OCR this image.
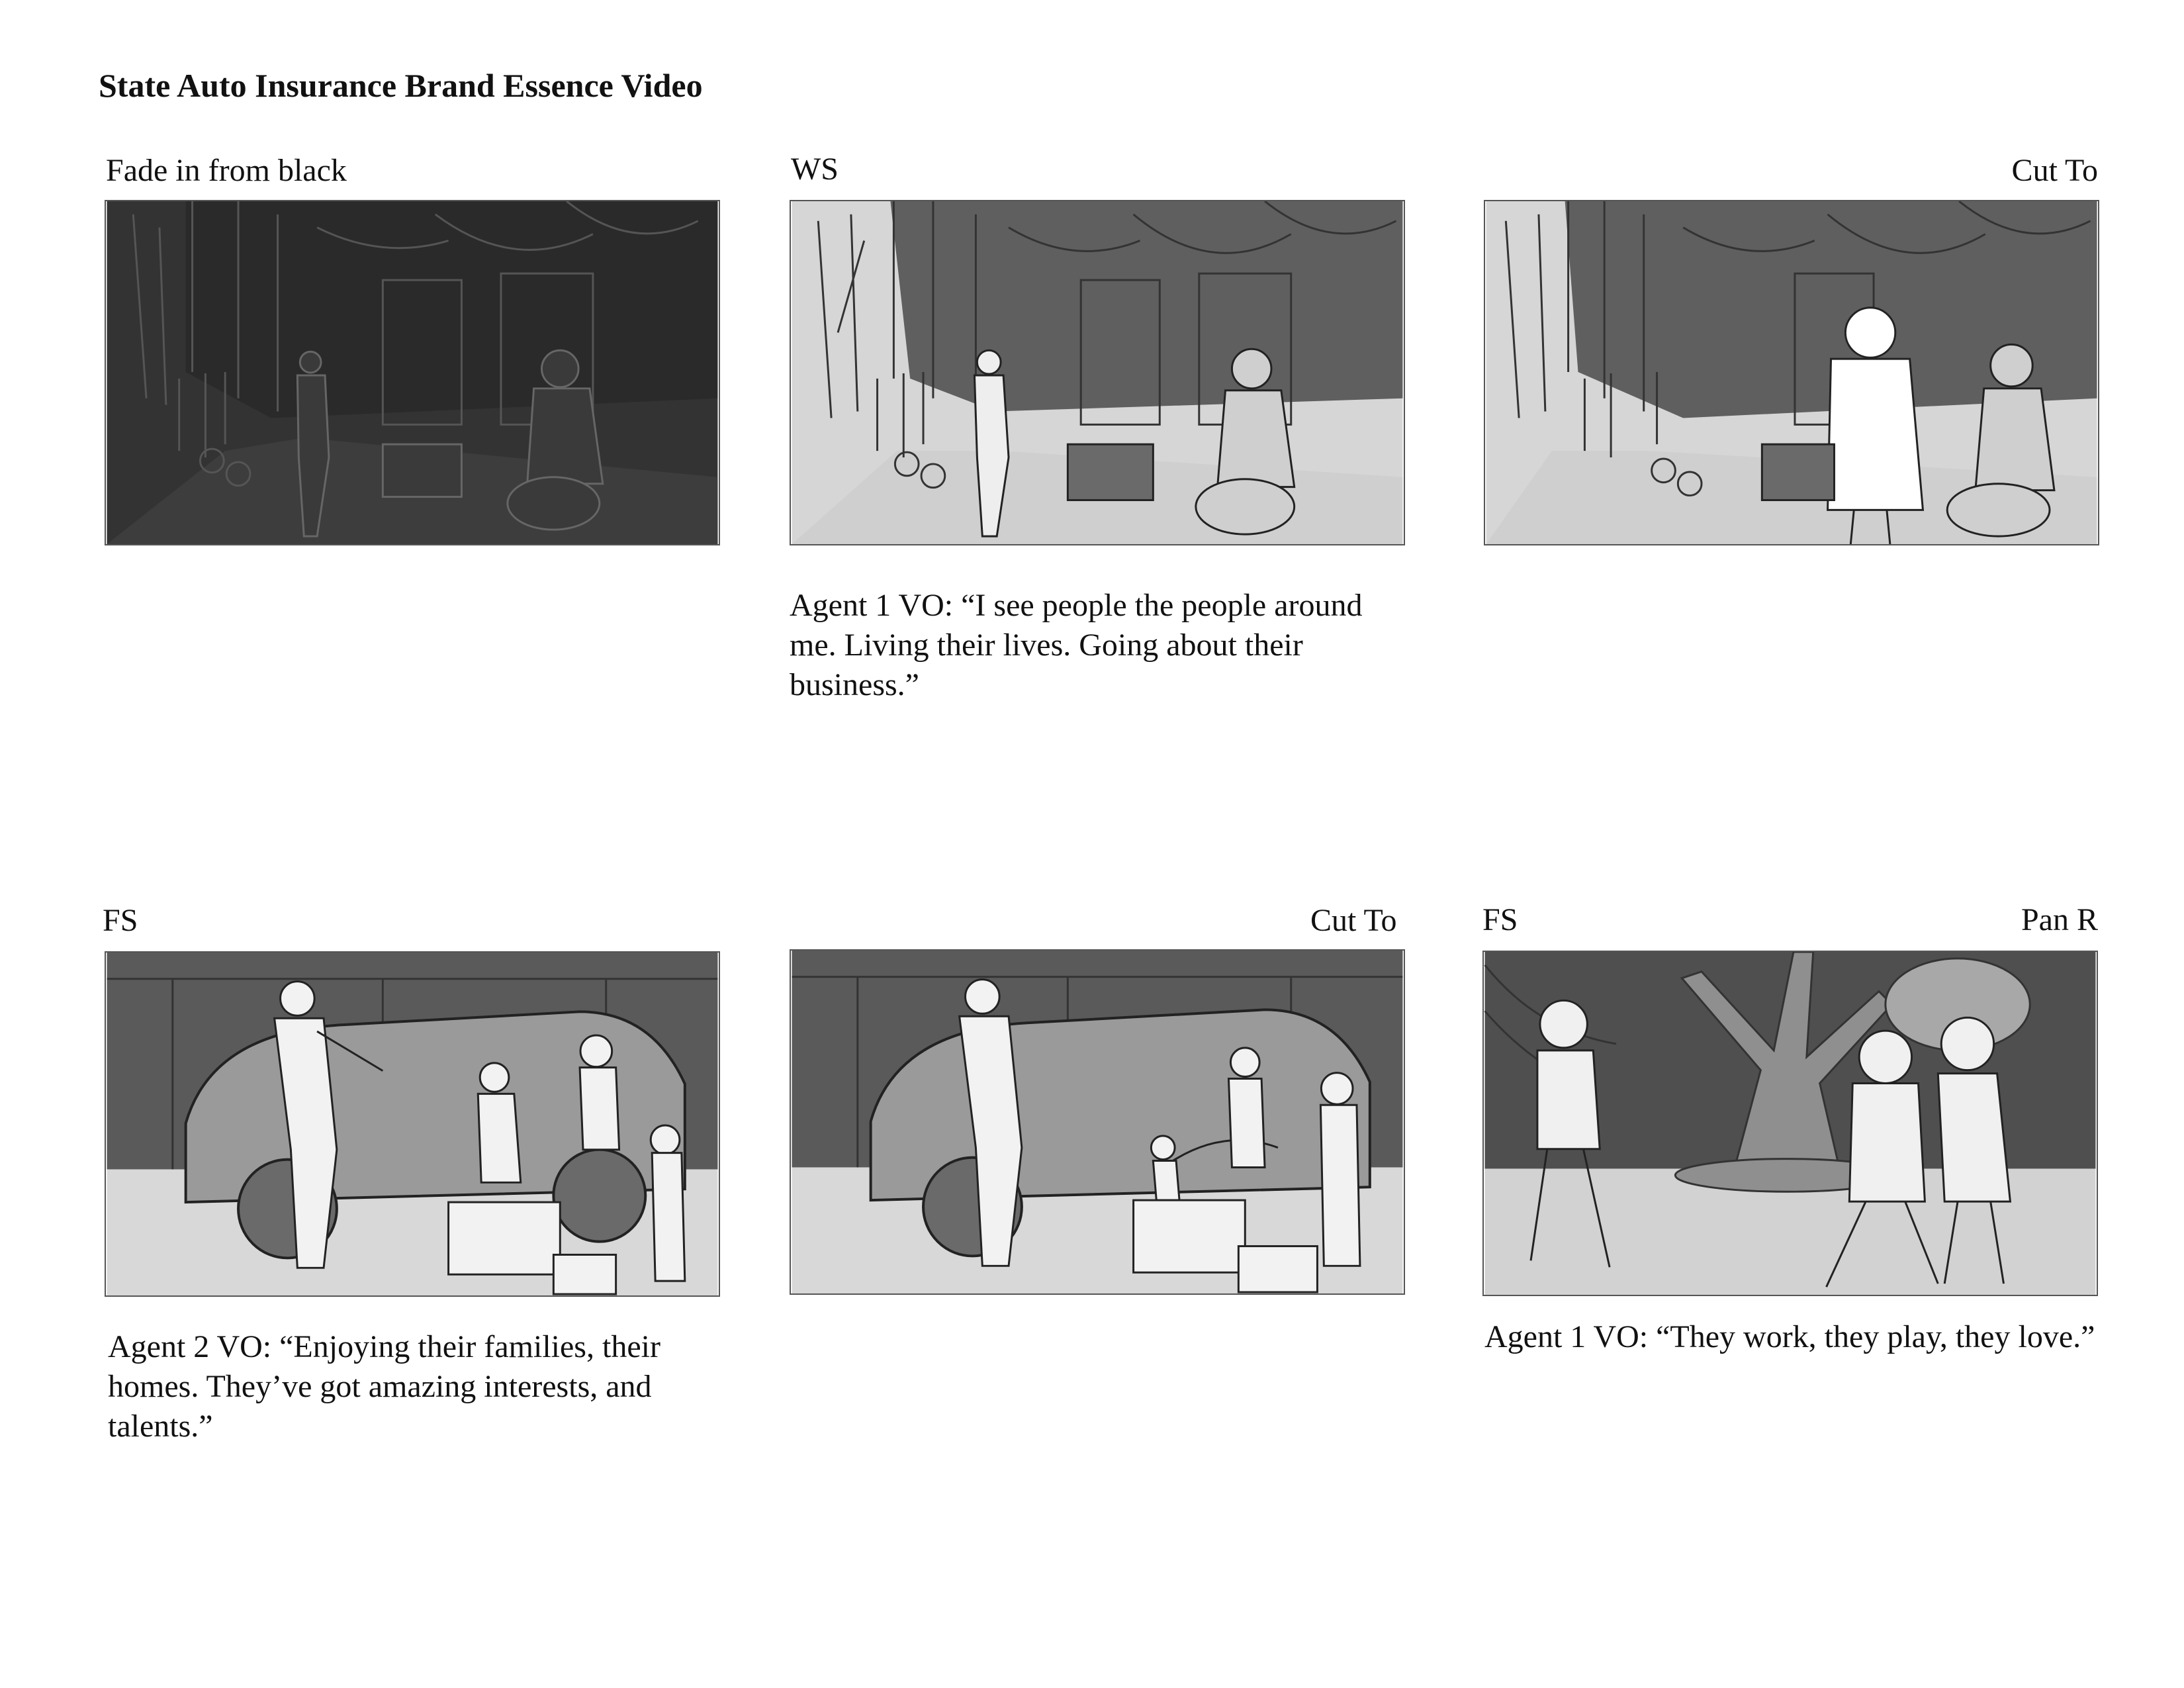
State Auto Insurance Brand Essence Video
Fade in from black	WS	Cut To
Agent 1 VO: “I see people the people around me. Living their lives. Going about their business.”
FS	Cut To	FS	Pan R
Agent 2 VO: “Enjoying their families, their homes. They’ve got amazing interests, and talents.”
Agent 1 VO: “They work, they play, they love.”
